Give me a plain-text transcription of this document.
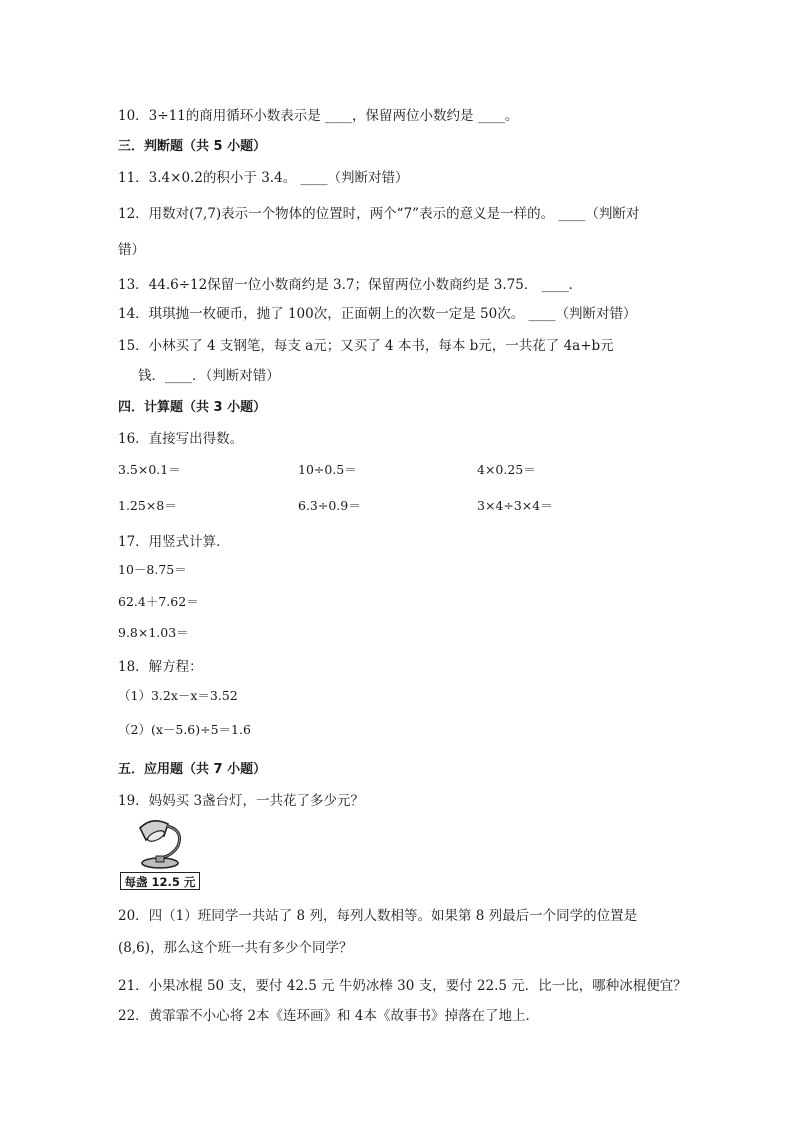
10．3÷11的商用循环小数表示是 ____，保留两位小数约是 ____。
三．判断题（共 5 小题）
11．3.4×0.2的积小于 3.4。 ____（判断对错）
12．用数对(7,7)表示一个物体的位置时，两个“7”表示的意义是一样的。 ____（判断对
错）
13．44.6÷12保留一位小数商约是 3.7；保留两位小数商约是 3.75． ____．
14．琪琪抛一枚硬币，抛了 100次，正面朝上的次数一定是 50次。 ____（判断对错）
15．小林买了 4 支钢笔，每支 a元；又买了 4 本书，每本 b元，一共花了 4a+b元
钱．____．（判断对错）
四．计算题（共 3 小题）
16．直接写出得数。
3.5×0.1＝	10÷0.5＝	4×0.25＝
1.25×8＝	6.3÷0.9＝	3×4÷3×4＝
17．用竖式计算．
10－8.75＝
62.4＋7.62＝
9.8×1.03＝
18．解方程：
（1）3.2x－x＝3.52
（2）(x－5.6)÷5＝1.6
五．应用题（共 7 小题）
19．妈妈买 3盏台灯，一共花了多少元？
每盏 12.5 元
20．四（1）班同学一共站了 8 列，每列人数相等。如果第 8 列最后一个同学的位置是
(8,6)，那么这个班一共有多少个同学？
21．小果冰棍 50 支，要付 42.5 元 牛奶冰棒 30 支，要付 22.5 元．比一比，哪种冰棍便宜？
22．黄霏霏不小心将 2本《连环画》和 4本《故事书》掉落在了地上．
